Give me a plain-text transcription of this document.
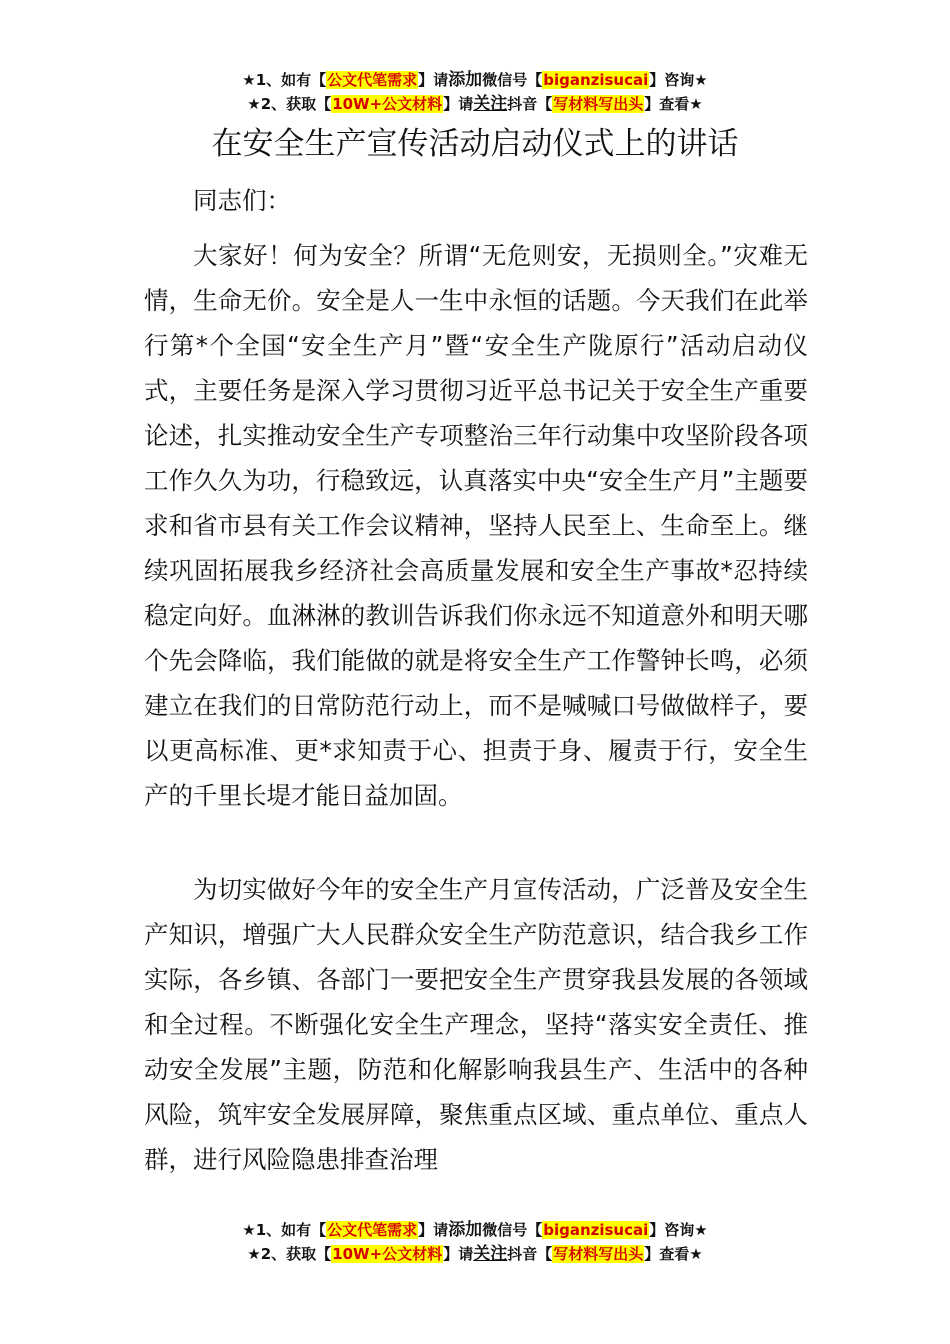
★1、如有【公文代笔需求】请添加微信号【biganzisucai】咨询★
★2、获取【10W+公文材料】请关注抖音【写材料写出头】查看★
在安全生产宣传活动启动仪式上的讲话
同志们：

大家好！何为安全？所谓“无危则安，无损则全。”灾难无情，生命无价。安全是人一生中永恒的话题。今天我们在此举行第*个全国“安全生产月”暨“安全生产陇原行”活动启动仪式，主要任务是深入学习贯彻习近平总书记关于安全生产重要论述，扎实推动安全生产专项整治三年行动集中攻坚阶段各项工作久久为功，行稳致远，认真落实中央“安全生产月”主题要求和省市县有关工作会议精神，坚持人民至上、生命至上。继续巩固拓展我乡经济社会高质量发展和安全生产事故*忍持续稳定向好。血淋淋的教训告诉我们你永远不知道意外和明天哪个先会降临，我们能做的就是将安全生产工作警钟长鸣，必须建立在我们的日常防范行动上，而不是喊喊口号做做样子，要以更高标准、更*求知责于心、担责于身、履责于行，安全生产的千里长堤才能日益加固。

为切实做好今年的安全生产月宣传活动，广泛普及安全生产知识，增强广大人民群众安全生产防范意识，结合我乡工作实际，各乡镇、各部门一要把安全生产贯穿我县发展的各领域和全过程。不断强化安全生产理念，坚持“落实安全责任、推动安全发展”主题，防范和化解影响我县生产、生活中的各种风险，筑牢安全发展屏障，聚焦重点区域、重点单位、重点人群，进行风险隐患排查治理

★1、如有【公文代笔需求】请添加微信号【biganzisucai】咨询★
★2、获取【10W+公文材料】请关注抖音【写材料写出头】查看★
